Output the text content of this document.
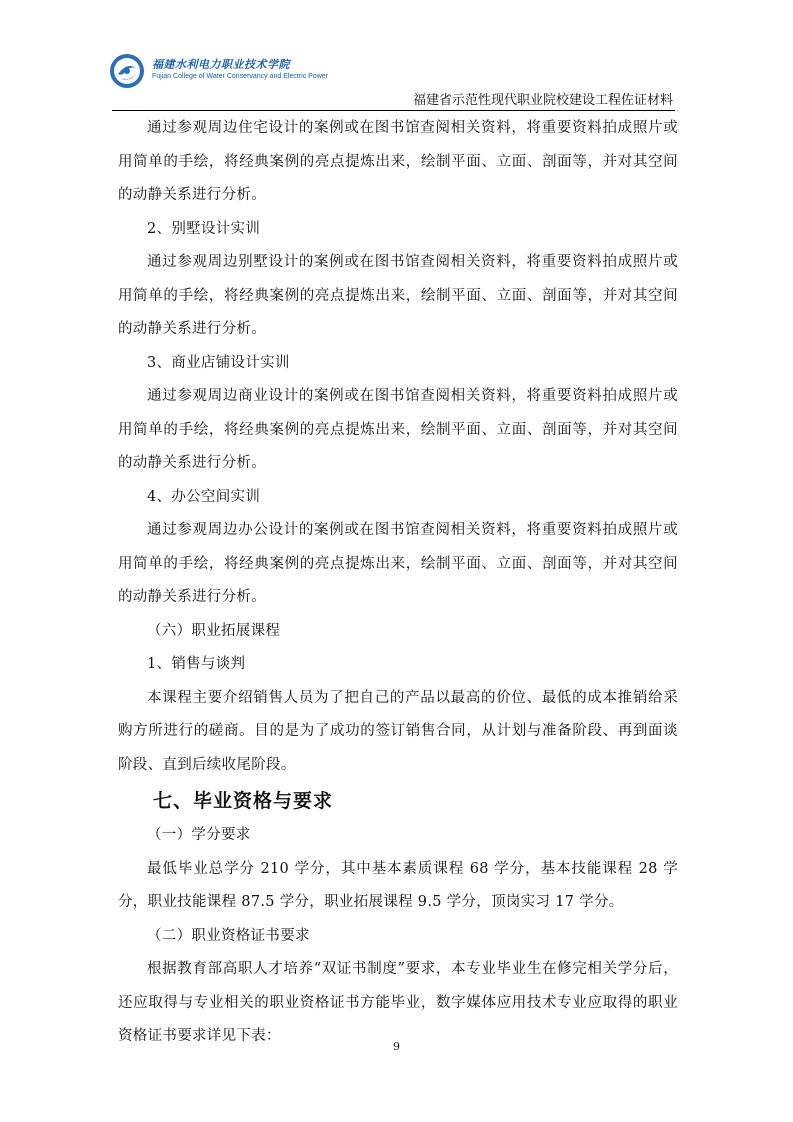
福建水利电力职业技术学院
Fujian College of Water Conservancy and Electric Power
福建省示范性现代职业院校建设工程佐证材料

通过参观周边住宅设计的案例或在图书馆查阅相关资料，将重要资料拍成照片或用简单的手绘，将经典案例的亮点提炼出来，绘制平面、立面、剖面等，并对其空间的动静关系进行分析。

2、别墅设计实训

通过参观周边别墅设计的案例或在图书馆查阅相关资料，将重要资料拍成照片或用简单的手绘，将经典案例的亮点提炼出来，绘制平面、立面、剖面等，并对其空间的动静关系进行分析。

3、商业店铺设计实训

通过参观周边商业设计的案例或在图书馆查阅相关资料，将重要资料拍成照片或用简单的手绘，将经典案例的亮点提炼出来，绘制平面、立面、剖面等，并对其空间的动静关系进行分析。

4、办公空间实训

通过参观周边办公设计的案例或在图书馆查阅相关资料，将重要资料拍成照片或用简单的手绘，将经典案例的亮点提炼出来，绘制平面、立面、剖面等，并对其空间的动静关系进行分析。

（六）职业拓展课程

1、销售与谈判

本课程主要介绍销售人员为了把自己的产品以最高的价位、最低的成本推销给采购方所进行的磋商。目的是为了成功的签订销售合同，从计划与准备阶段、再到面谈阶段、直到后续收尾阶段。

七、毕业资格与要求

（一）学分要求

最低毕业总学分 210 学分，其中基本素质课程 68 学分，基本技能课程 28 学分，职业技能课程 87.5 学分，职业拓展课程 9.5 学分，顶岗实习 17 学分。

（二）职业资格证书要求

根据教育部高职人才培养“双证书制度”要求，本专业毕业生在修完相关学分后，还应取得与专业相关的职业资格证书方能毕业，数字媒体应用技术专业应取得的职业资格证书要求详见下表：

9
